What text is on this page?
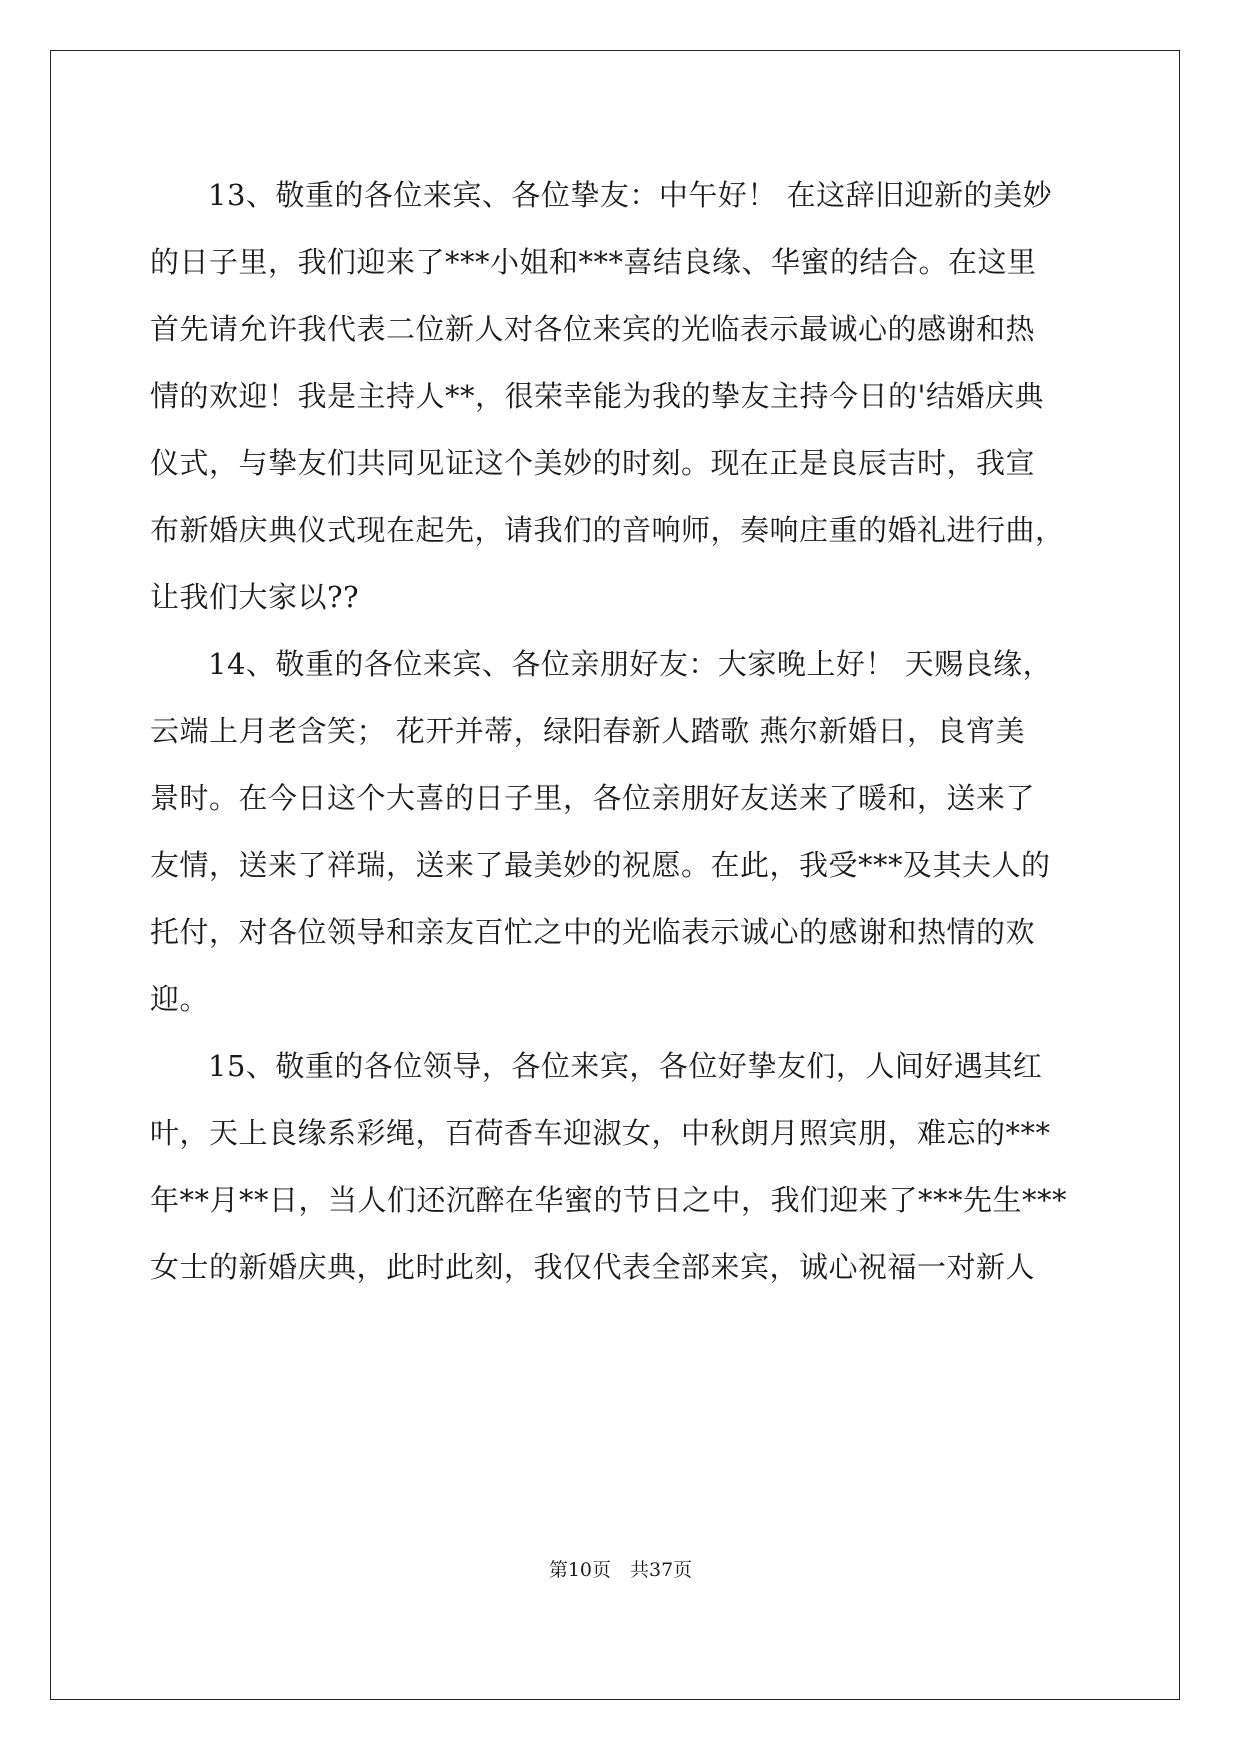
13、敬重的各位来宾、各位挚友：中午好！ 在这辞旧迎新的美妙
的日子里，我们迎来了***小姐和***喜结良缘、华蜜的结合。在这里
首先请允许我代表二位新人对各位来宾的光临表示最诚心的感谢和热
情的欢迎！我是主持人**，很荣幸能为我的挚友主持今日的'结婚庆典
仪式，与挚友们共同见证这个美妙的时刻。现在正是良辰吉时，我宣
布新婚庆典仪式现在起先，请我们的音响师，奏响庄重的婚礼进行曲，
让我们大家以??
14、敬重的各位来宾、各位亲朋好友：大家晚上好！ 天赐良缘，
云端上月老含笑； 花开并蒂，绿阳春新人踏歌 燕尔新婚日，良宵美
景时。在今日这个大喜的日子里，各位亲朋好友送来了暖和，送来了
友情，送来了祥瑞，送来了最美妙的祝愿。在此，我受***及其夫人的
托付，对各位领导和亲友百忙之中的光临表示诚心的感谢和热情的欢
迎。
15、敬重的各位领导，各位来宾，各位好挚友们，人间好遇其红
叶，天上良缘系彩绳，百荷香车迎淑女，中秋朗月照宾朋，难忘的***
年**月**日，当人们还沉醉在华蜜的节日之中，我们迎来了***先生***
女士的新婚庆典，此时此刻，我仅代表全部来宾，诚心祝福一对新人
第10页　共37页
